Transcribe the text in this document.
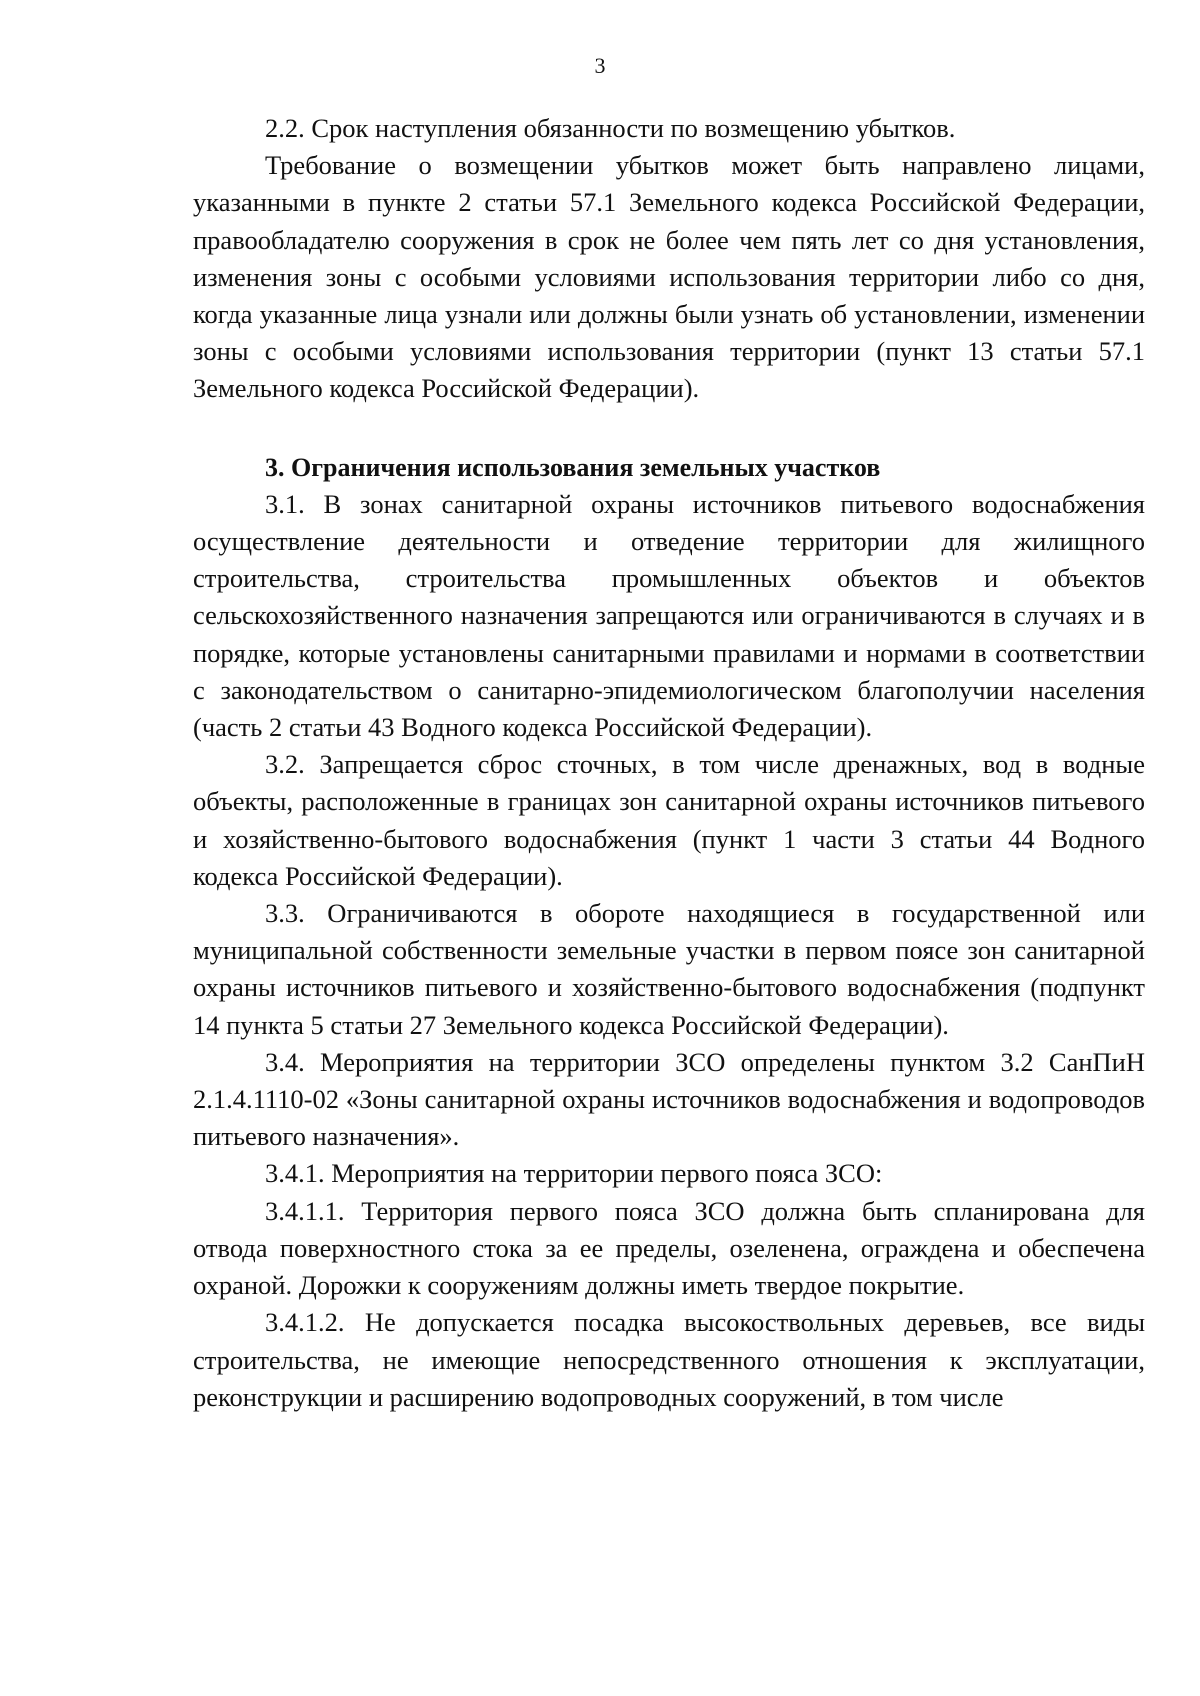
3

2.2. Срок наступления обязанности по возмещению убытков.

Требование о возмещении убытков может быть направлено лицами, указанными в пункте 2 статьи 57.1 Земельного кодекса Российской Федерации, правообладателю сооружения в срок не более чем пять лет со дня установления, изменения зоны с особыми условиями использования территории либо со дня, когда указанные лица узнали или должны были узнать об установлении, изменении зоны с особыми условиями использования территории (пункт 13 статьи 57.1 Земельного кодекса Российской Федерации).

3. Ограничения использования земельных участков

3.1. В зонах санитарной охраны источников питьевого водоснабжения осуществление деятельности и отведение территории для жилищного строительства, строительства промышленных объектов и объектов сельскохозяйственного назначения запрещаются или ограничиваются в случаях и в порядке, которые установлены санитарными правилами и нормами в соответствии с законодательством о санитарно-эпидемиологическом благополучии населения (часть 2 статьи 43 Водного кодекса Российской Федерации).

3.2. Запрещается сброс сточных, в том числе дренажных, вод в водные объекты, расположенные в границах зон санитарной охраны источников питьевого и хозяйственно-бытового водоснабжения (пункт 1 части 3 статьи 44 Водного кодекса Российской Федерации).

3.3. Ограничиваются в обороте находящиеся в государственной или муниципальной собственности земельные участки в первом поясе зон санитарной охраны источников питьевого и хозяйственно-бытового водоснабжения (подпункт 14 пункта 5 статьи 27 Земельного кодекса Российской Федерации).

3.4. Мероприятия на территории ЗСО определены пунктом 3.2 СанПиН 2.1.4.1110-02 «Зоны санитарной охраны источников водоснабжения и водопроводов питьевого назначения».

3.4.1. Мероприятия на территории первого пояса ЗСО:

3.4.1.1. Территория первого пояса ЗСО должна быть спланирована для отвода поверхностного стока за ее пределы, озеленена, ограждена и обеспечена охраной. Дорожки к сооружениям должны иметь твердое покрытие.

3.4.1.2. Не допускается посадка высокоствольных деревьев, все виды строительства, не имеющие непосредственного отношения к эксплуатации, реконструкции и расширению водопроводных сооружений, в том числе
